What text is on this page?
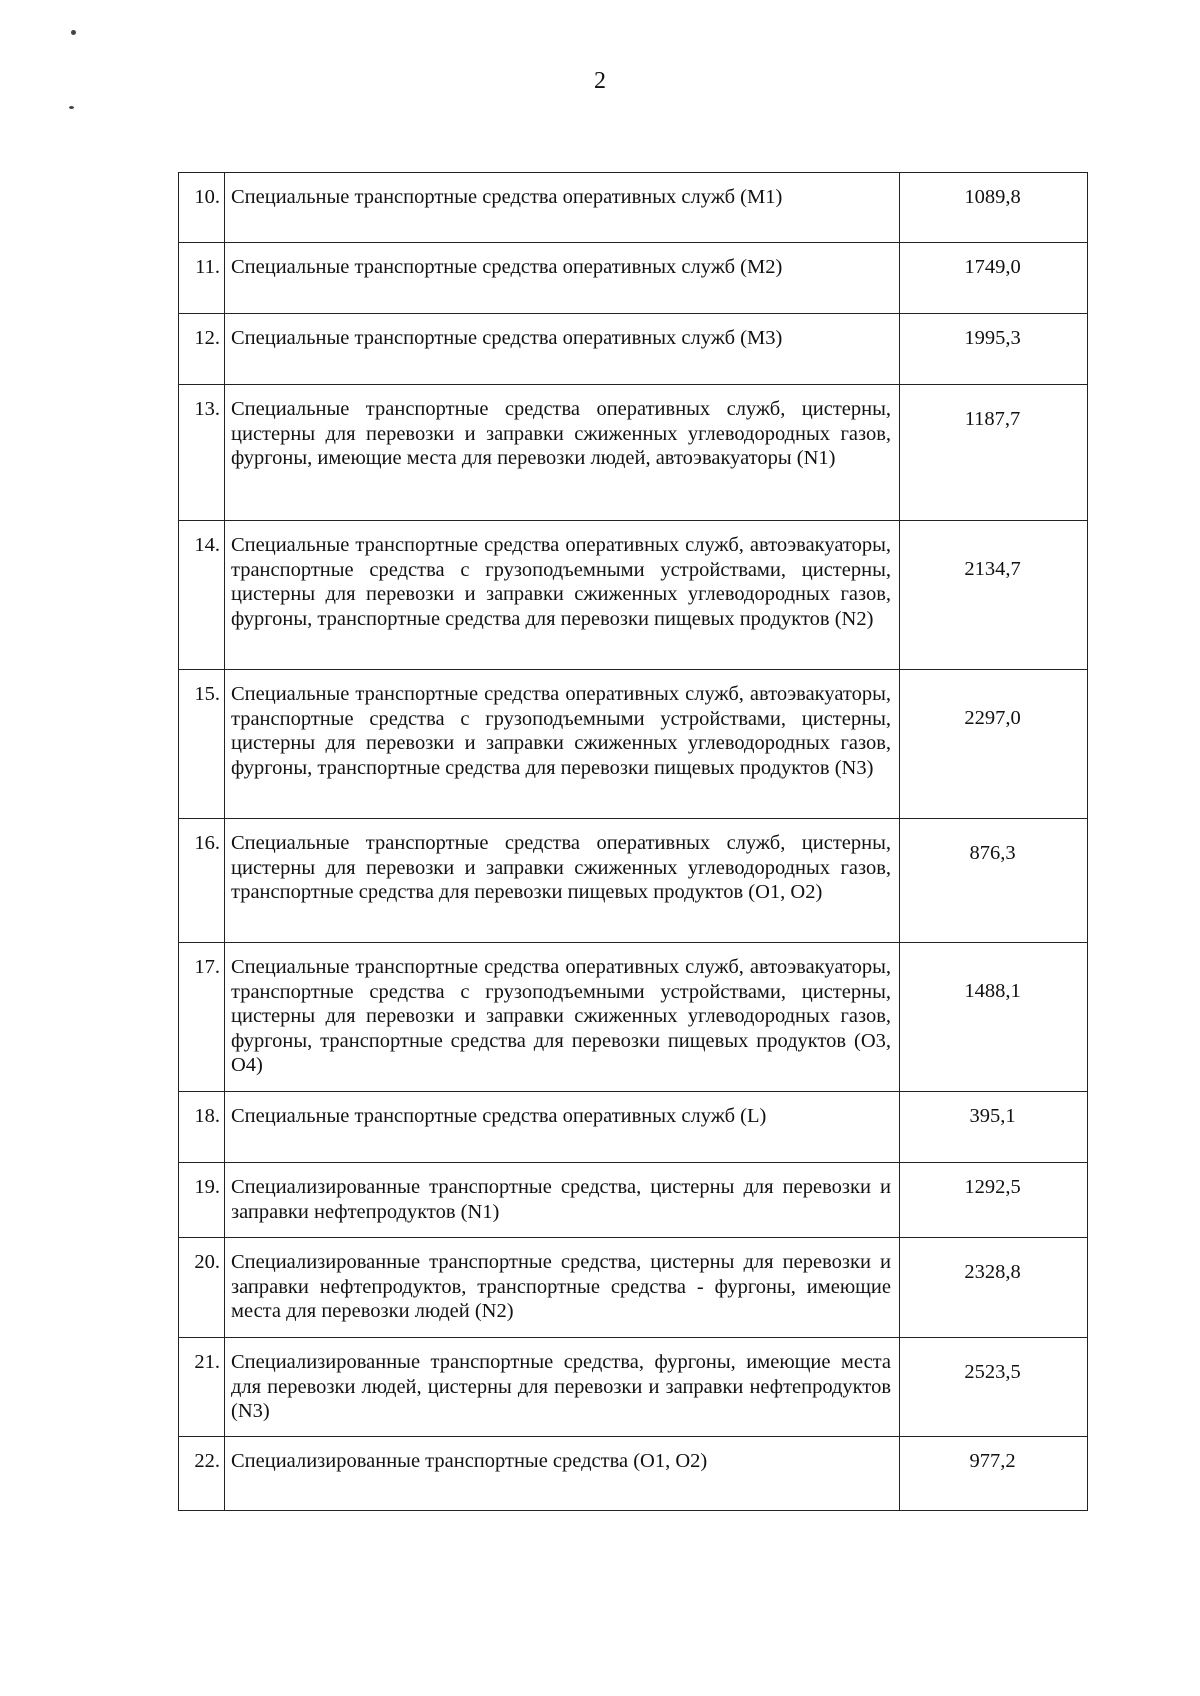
2
10.	Специальные транспортные средства оперативных служб (M1)	1089,8
11.	Специальные транспортные средства оперативных служб (M2)	1749,0
12.	Специальные транспортные средства оперативных служб (M3)	1995,3
13.	Специальные транспортные средства оперативных служб, цистерны, цистерны для перевозки и заправки сжиженных углеводородных газов, фургоны, имеющие места для перевозки людей, автоэвакуаторы (N1)	1187,7
14.	Специальные транспортные средства оперативных служб, автоэвакуаторы, транспортные средства с грузоподъемными устройствами, цистерны, цистерны для перевозки и заправки сжиженных углеводородных газов, фургоны, транспортные средства для перевозки пищевых продуктов (N2)	2134,7
15.	Специальные транспортные средства оперативных служб, автоэвакуаторы, транспортные средства с грузоподъемными устройствами, цистерны, цистерны для перевозки и заправки сжиженных углеводородных газов, фургоны, транспортные средства для перевозки пищевых продуктов (N3)	2297,0
16.	Специальные транспортные средства оперативных служб, цистерны, цистерны для перевозки и заправки сжиженных углеводородных газов, транспортные средства для перевозки пищевых продуктов (O1, O2)	876,3
17.	Специальные транспортные средства оперативных служб, автоэвакуаторы, транспортные средства с грузоподъемными устройствами, цистерны, цистерны для перевозки и заправки сжиженных углеводородных газов, фургоны, транспортные средства для перевозки пищевых продуктов (O3, O4)	1488,1
18.	Специальные транспортные средства оперативных служб (L)	395,1
19.	Специализированные транспортные средства, цистерны для перевозки и заправки нефтепродуктов (N1)	1292,5
20.	Специализированные транспортные средства, цистерны для перевозки и заправки нефтепродуктов, транспортные средства - фургоны, имеющие места для перевозки людей (N2)	2328,8
21.	Специализированные транспортные средства, фургоны, имеющие места для перевозки людей, цистерны для перевозки и заправки нефтепродуктов (N3)	2523,5
22.	Специализированные транспортные средства (O1, O2)	977,2
